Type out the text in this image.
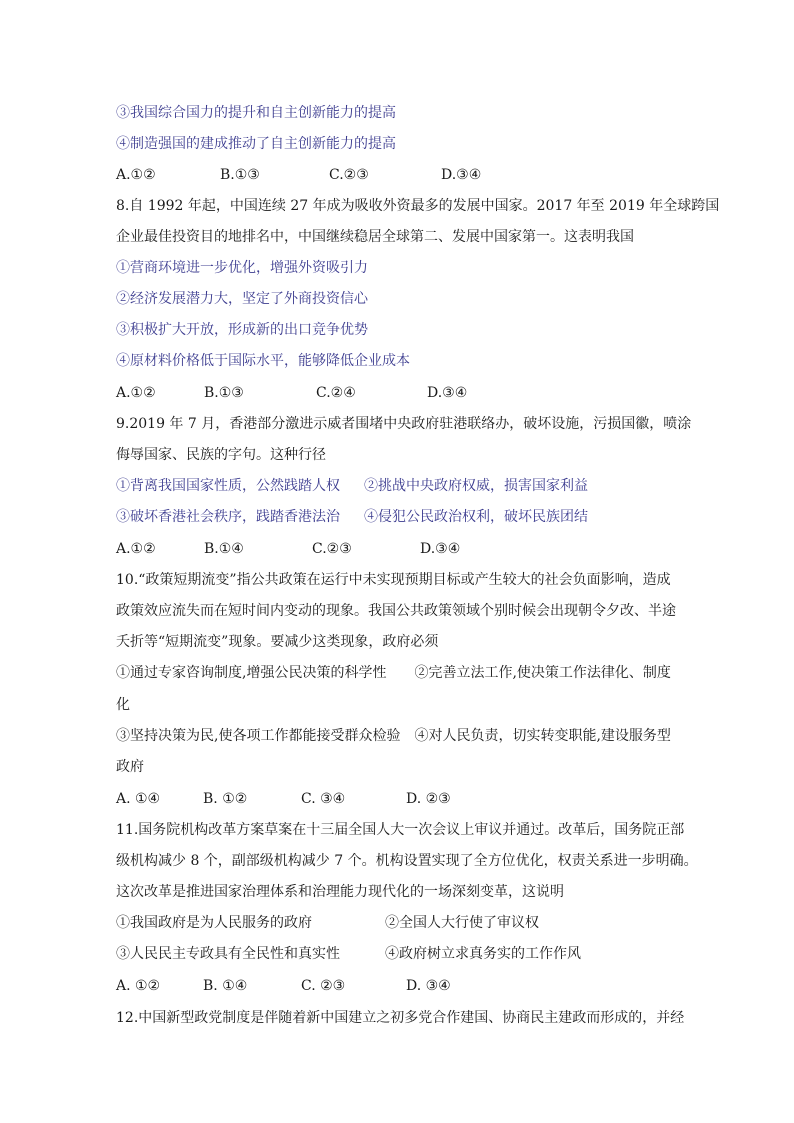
③我国综合国力的提升和自主创新能力的提高
④制造强国的建成推动了自主创新能力的提高
A.①②	B.①③	C.②③	D.③④
8.自 1992 年起，中国连续 27 年成为吸收外资最多的发展中国家。2017 年至 2019 年全球跨国
企业最佳投资目的地排名中，中国继续稳居全球第二、发展中国家第一。这表明我国
①营商环境进一步优化，增强外资吸引力
②经济发展潜力大，坚定了外商投资信心
③积极扩大开放，形成新的出口竞争优势
④原材料价格低于国际水平，能够降低企业成本
A.①②	B.①③	C.②④	D.③④
9.2019 年 7 月，香港部分激进示威者围堵中央政府驻港联络办，破坏设施，污损国徽，喷涂
侮辱国家、民族的字句。这种行径
①背离我国国家性质，公然践踏人权 ②挑战中央政府权威，损害国家利益
③破坏香港社会秩序，践踏香港法治 ④侵犯公民政治权利，破坏民族团结
A.①②	B.①④	C.②③	D.③④
10.“政策短期流变”指公共政策在运行中未实现预期目标或产生较大的社会负面影响，造成
政策效应流失而在短时间内变动的现象。我国公共政策领域个别时候会出现朝令夕改、半途
夭折等“短期流变”现象。要减少这类现象，政府必须
①通过专家咨询制度,增强公民决策的科学性　　②完善立法工作,使决策工作法律化、制度
化
③坚持决策为民,使各项工作都能接受群众检验　④对人民负责，切实转变职能,建设服务型
政府
A. ①④	B. ①②	C. ③④	D. ②③
11.国务院机构改革方案草案在十三届全国人大一次会议上审议并通过。改革后，国务院正部
级机构减少 8 个，副部级机构减少 7 个。机构设置实现了全方位优化，权责关系进一步明确。
这次改革是推进国家治理体系和治理能力现代化的一场深刻变革，这说明
①我国政府是为人民服务的政府	②全国人大行使了审议权
③人民民主专政具有全民性和真实性	④政府树立求真务实的工作作风
A. ①②	B. ①④	C. ②③	D. ③④
12.中国新型政党制度是伴随着新中国建立之初多党合作建国、协商民主建政而形成的，并经
